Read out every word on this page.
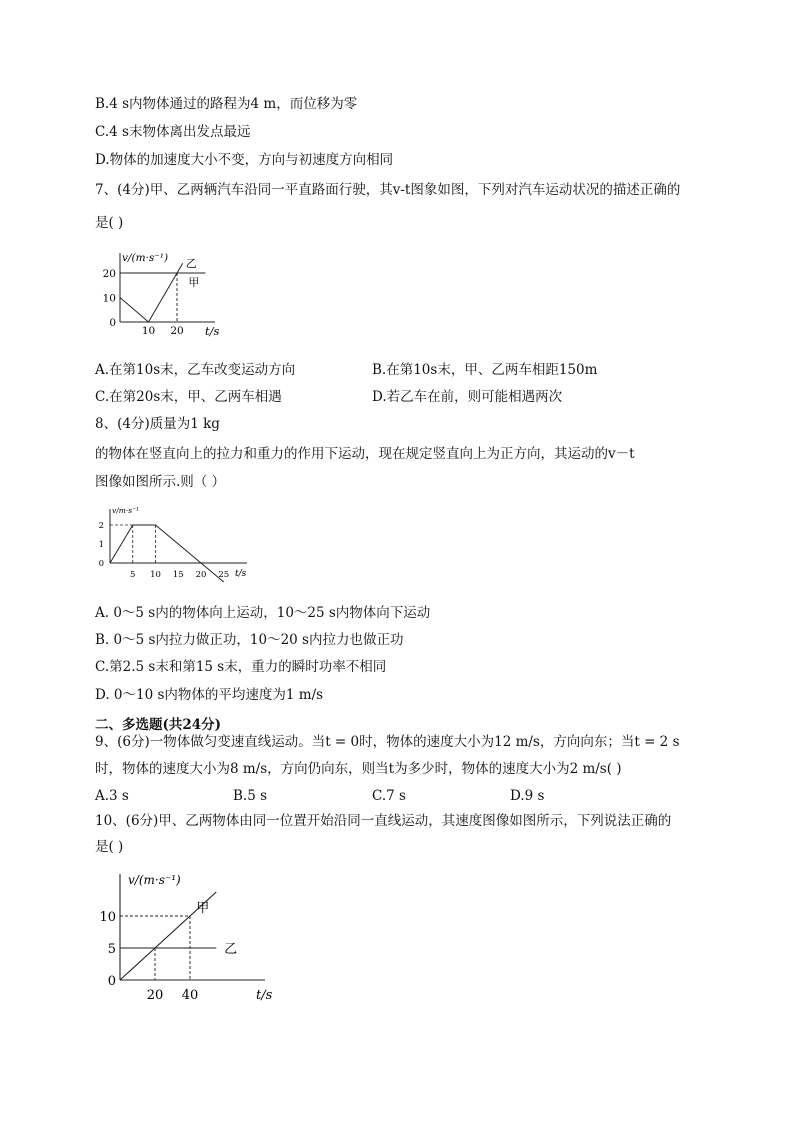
B.4 s内物体通过的路程为4 m，而位移为零
C.4 s末物体离出发点最远
D.物体的加速度大小不变，方向与初速度方向相同
7、(4分)甲、乙两辆汽车沿同一平直路面行驶，其v-t图象如图，下列对汽车运动状况的描述正确的
是( )
v/(m·s⁻¹)
t/s
20
10
0
10 20
乙
甲
A.在第10s末，乙车改变运动方向	B.在第10s末，甲、乙两车相距150m
C.在第20s末，甲、乙两车相遇	D.若乙车在前，则可能相遇两次
8、(4分)质量为1 kg
的物体在竖直向上的拉力和重力的作用下运动，现在规定竖直向上为正方向，其运动的v－t
图像如图所示.则（ ）
v/m·s⁻¹
t/s
2
1
0
5 10 15 20 25
A. 0～5 s内的物体向上运动，10～25 s内物体向下运动
B. 0～5 s内拉力做正功，10～20 s内拉力也做正功
C.第2.5 s末和第15 s末，重力的瞬时功率不相同
D. 0～10 s内物体的平均速度为1 m/s
二、多选题(共24分)
9、(6分)一物体做匀变速直线运动。当t = 0时，物体的速度大小为12 m/s，方向向东；当t = 2 s
时，物体的速度大小为8 m/s，方向仍向东，则当t为多少时，物体的速度大小为2 m/s( )
A.3 s	B.5 s	C.7 s	D.9 s
10、(6分)甲、乙两物体由同一位置开始沿同一直线运动，其速度图像如图所示，下列说法正确的
是( )
v/(m·s⁻¹)
t/s
10
5
0
20 40
甲
乙
